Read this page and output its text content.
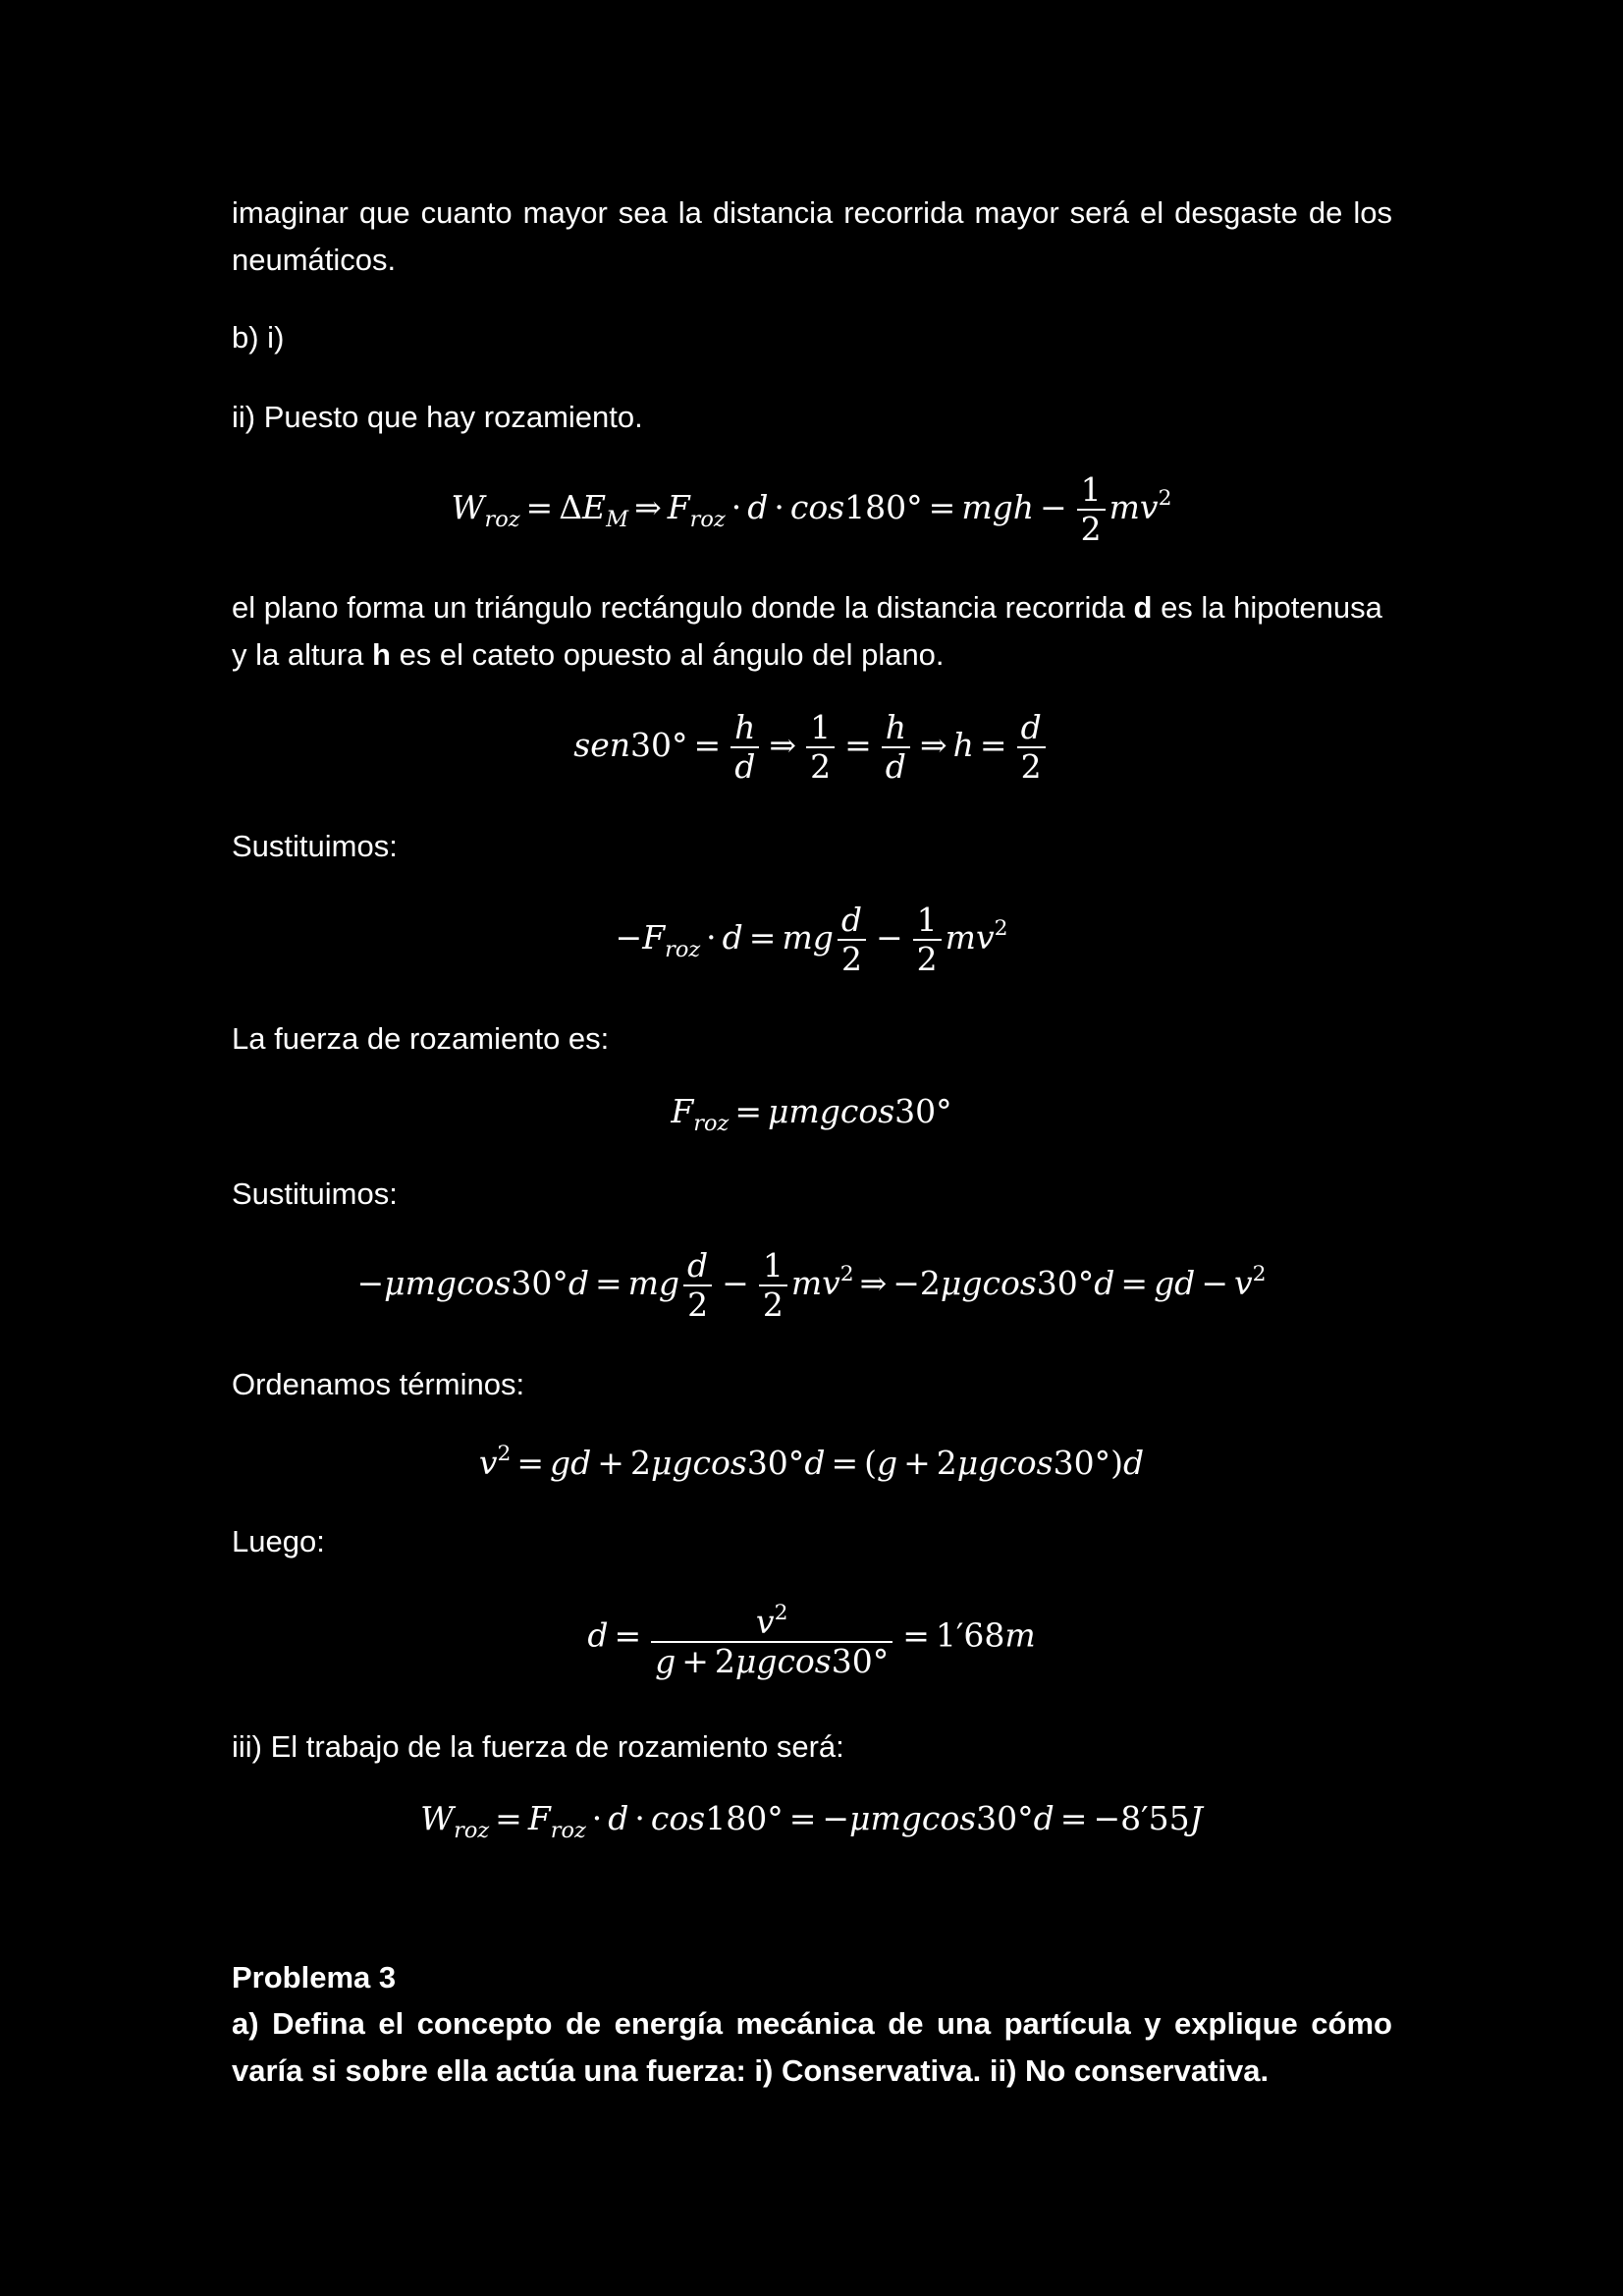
imaginar que cuanto mayor sea la distancia recorrida mayor será el desgaste de los
neumáticos.
b) i)
ii) Puesto que hay rozamiento.
$W_{roz} = \Delta E_M$ ⇒ $F_{roz} \cdot d \cdot \cos 180^\circ$ = mgh − $\frac{1}{2} mv^2$
el plano forma un triángulo rectángulo donde la distancia recorrida d es la hipotenusa y la altura h es el cateto opuesto al ángulo del plano.
$sen30^\circ = \frac{h}{d}$ ⇒ $\frac{1}{2} = \frac{h}{d}$ ⇒ $h = \frac{d}{2}$
Sustituimos:
$-F_{roz} \cdot d$ = mg $\frac{d}{2} - \frac{1}{2} mv^2$
La fuerza de rozamiento es:
$F_{roz} = \mu mgcos30^\circ$
Sustituimos:
−μmgcos30°d = mg $\frac{d}{2} - \frac{1}{2} mv^2$ ⇒ −2μgcos30°d = gd − $v^2$
Ordenamos términos:
$v^2$ = gd + 2μgcos30°d = (g + 2μgcos30°)d
Luego:
$d = \frac{v^2}{g + 2\mu gcos30^\circ} = 1'68m$
iii) El trabajo de la fuerza de rozamiento será:
$W_{roz} = F_{roz} \cdot d \cdot \cos 180^\circ = -\mu mgcos30^\circ d = -8'55J$
Problema 3
a) Defina el concepto de energía mecánica de una partícula y explique cómo varía si sobre ella actúa una fuerza: i) Conservativa. ii) No conservativa.
